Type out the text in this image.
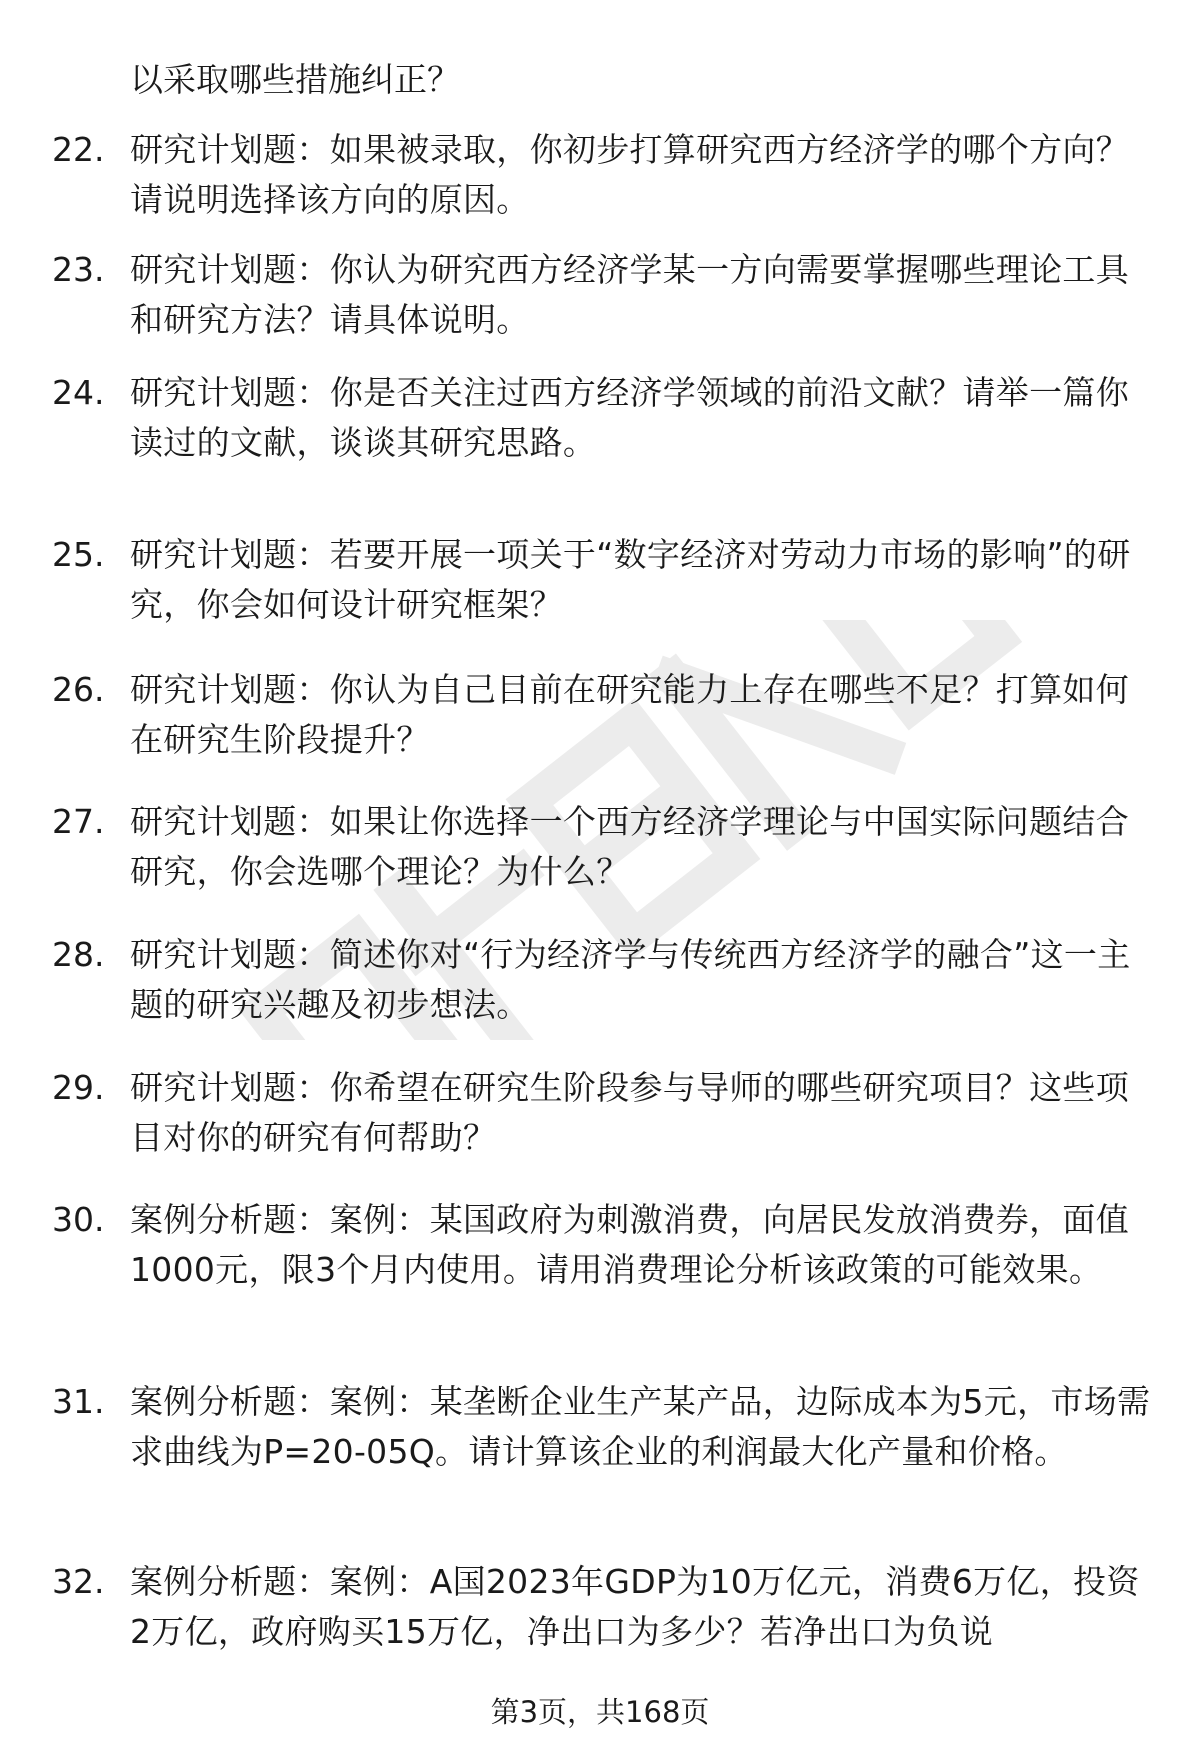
以采取哪些措施纠正？
22. 研究计划题：如果被录取，你初步打算研究西方经济学的哪个方向？请说明选择该方向的原因。
23. 研究计划题：你认为研究西方经济学某一方向需要掌握哪些理论工具和研究方法？请具体说明。
24. 研究计划题：你是否关注过西方经济学领域的前沿文献？请举一篇你读过的文献，谈谈其研究思路。
25. 研究计划题：若要开展一项关于“数字经济对劳动力市场的影响”的研究，你会如何设计研究框架？
26. 研究计划题：你认为自己目前在研究能力上存在哪些不足？打算如何在研究生阶段提升？
27. 研究计划题：如果让你选择一个西方经济学理论与中国实际问题结合研究，你会选哪个理论？为什么？
28. 研究计划题：简述你对“行为经济学与传统西方经济学的融合”这一主题的研究兴趣及初步想法。
29. 研究计划题：你希望在研究生阶段参与导师的哪些研究项目？这些项目对你的研究有何帮助？
30. 案例分析题：案例：某国政府为刺激消费，向居民发放消费券，面值1000元，限3个月内使用。请用消费理论分析该政策的可能效果。
31. 案例分析题：案例：某垄断企业生产某产品，边际成本为5元，市场需求曲线为P=20-05Q。请计算该企业的利润最大化产量和价格。
32. 案例分析题：案例：A国2023年GDP为10万亿元，消费6万亿，投资2万亿，政府购买15万亿，净出口为多少？若净出口为负说
第3页，共168页
